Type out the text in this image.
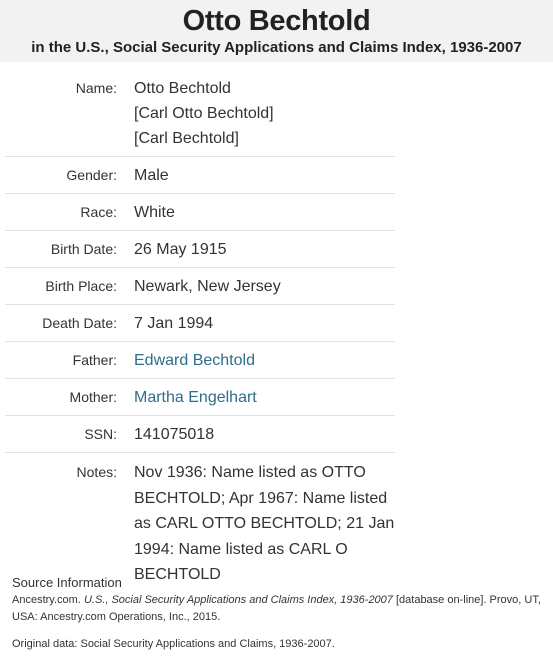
Otto Bechtold
in the U.S., Social Security Applications and Claims Index, 1936-2007
Name: Otto Bechtold
[Carl Otto Bechtold]
[Carl Bechtold]
Gender: Male
Race: White
Birth Date: 26 May 1915
Birth Place: Newark, New Jersey
Death Date: 7 Jan 1994
Father: Edward Bechtold
Mother: Martha Engelhart
SSN: 141075018
Notes: Nov 1936: Name listed as OTTO BECHTOLD; Apr 1967: Name listed as CARL OTTO BECHTOLD; 21 Jan 1994: Name listed as CARL O BECHTOLD
Source Information
Ancestry.com. U.S., Social Security Applications and Claims Index, 1936-2007 [database on-line]. Provo, UT, USA: Ancestry.com Operations, Inc., 2015.
Original data: Social Security Applications and Claims, 1936-2007.
